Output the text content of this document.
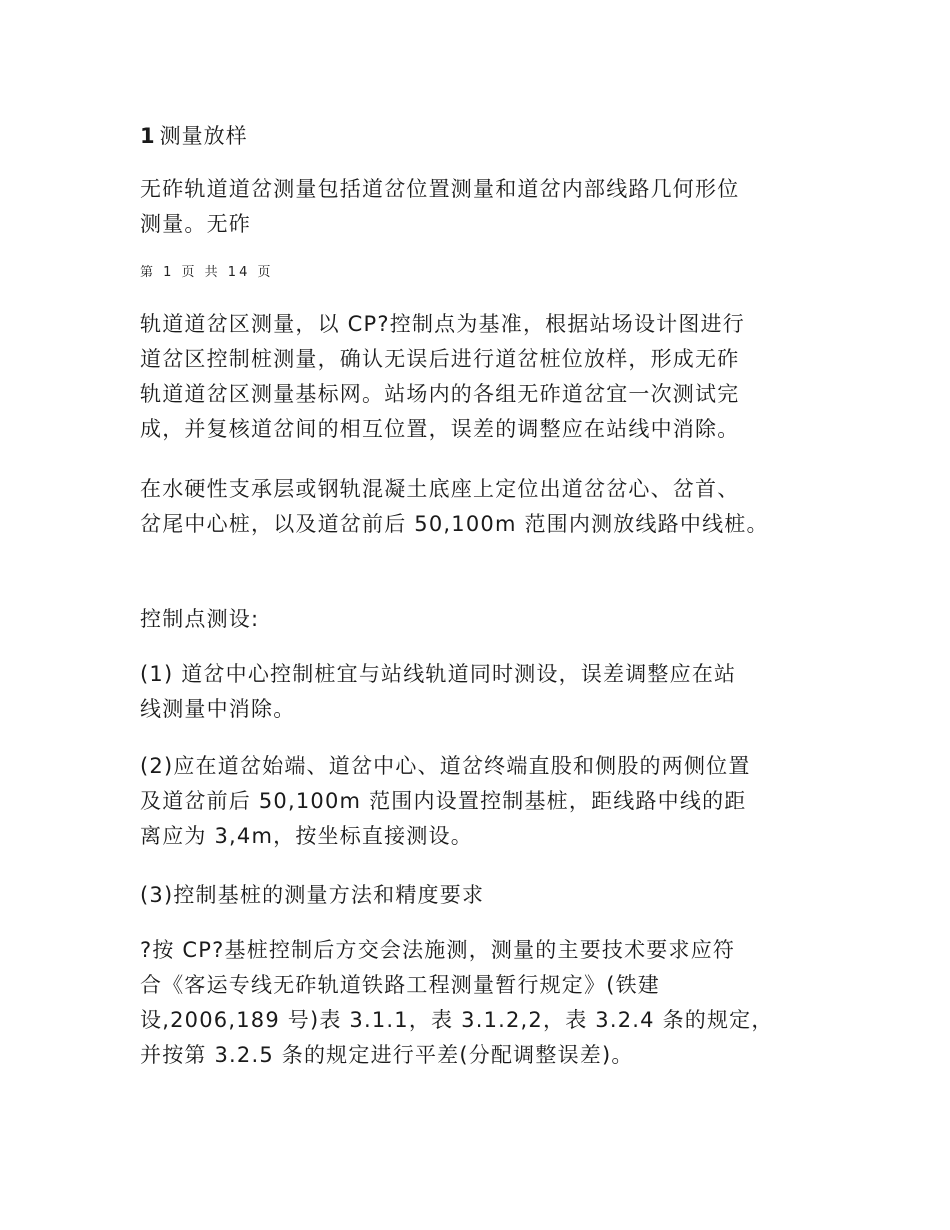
1 测量放样

无砟轨道道岔测量包括道岔位置测量和道岔内部线路几何形位
测量。无砟

第 1 页 共 14 页

轨道道岔区测量，以 CP?控制点为基准，根据站场设计图进行
道岔区控制桩测量，确认无误后进行道岔桩位放样，形成无砟
轨道道岔区测量基标网。站场内的各组无砟道岔宜一次测试完
成，并复核道岔间的相互位置，误差的调整应在站线中消除。

在水硬性支承层或钢轨混凝土底座上定位出道岔岔心、岔首、
岔尾中心桩，以及道岔前后 50,100m 范围内测放线路中线桩。

控制点测设:

(1) 道岔中心控制桩宜与站线轨道同时测设，误差调整应在站
线测量中消除。

(2)应在道岔始端、道岔中心、道岔终端直股和侧股的两侧位置
及道岔前后 50,100m 范围内设置控制基桩，距线路中线的距
离应为 3,4m，按坐标直接测设。

(3)控制基桩的测量方法和精度要求

?按 CP?基桩控制后方交会法施测，测量的主要技术要求应符
合《客运专线无砟轨道铁路工程测量暂行规定》(铁建
设,2006,189 号)表 3.1.1，表 3.1.2,2，表 3.2.4 条的规定，
并按第 3.2.5 条的规定进行平差(分配调整误差)。
